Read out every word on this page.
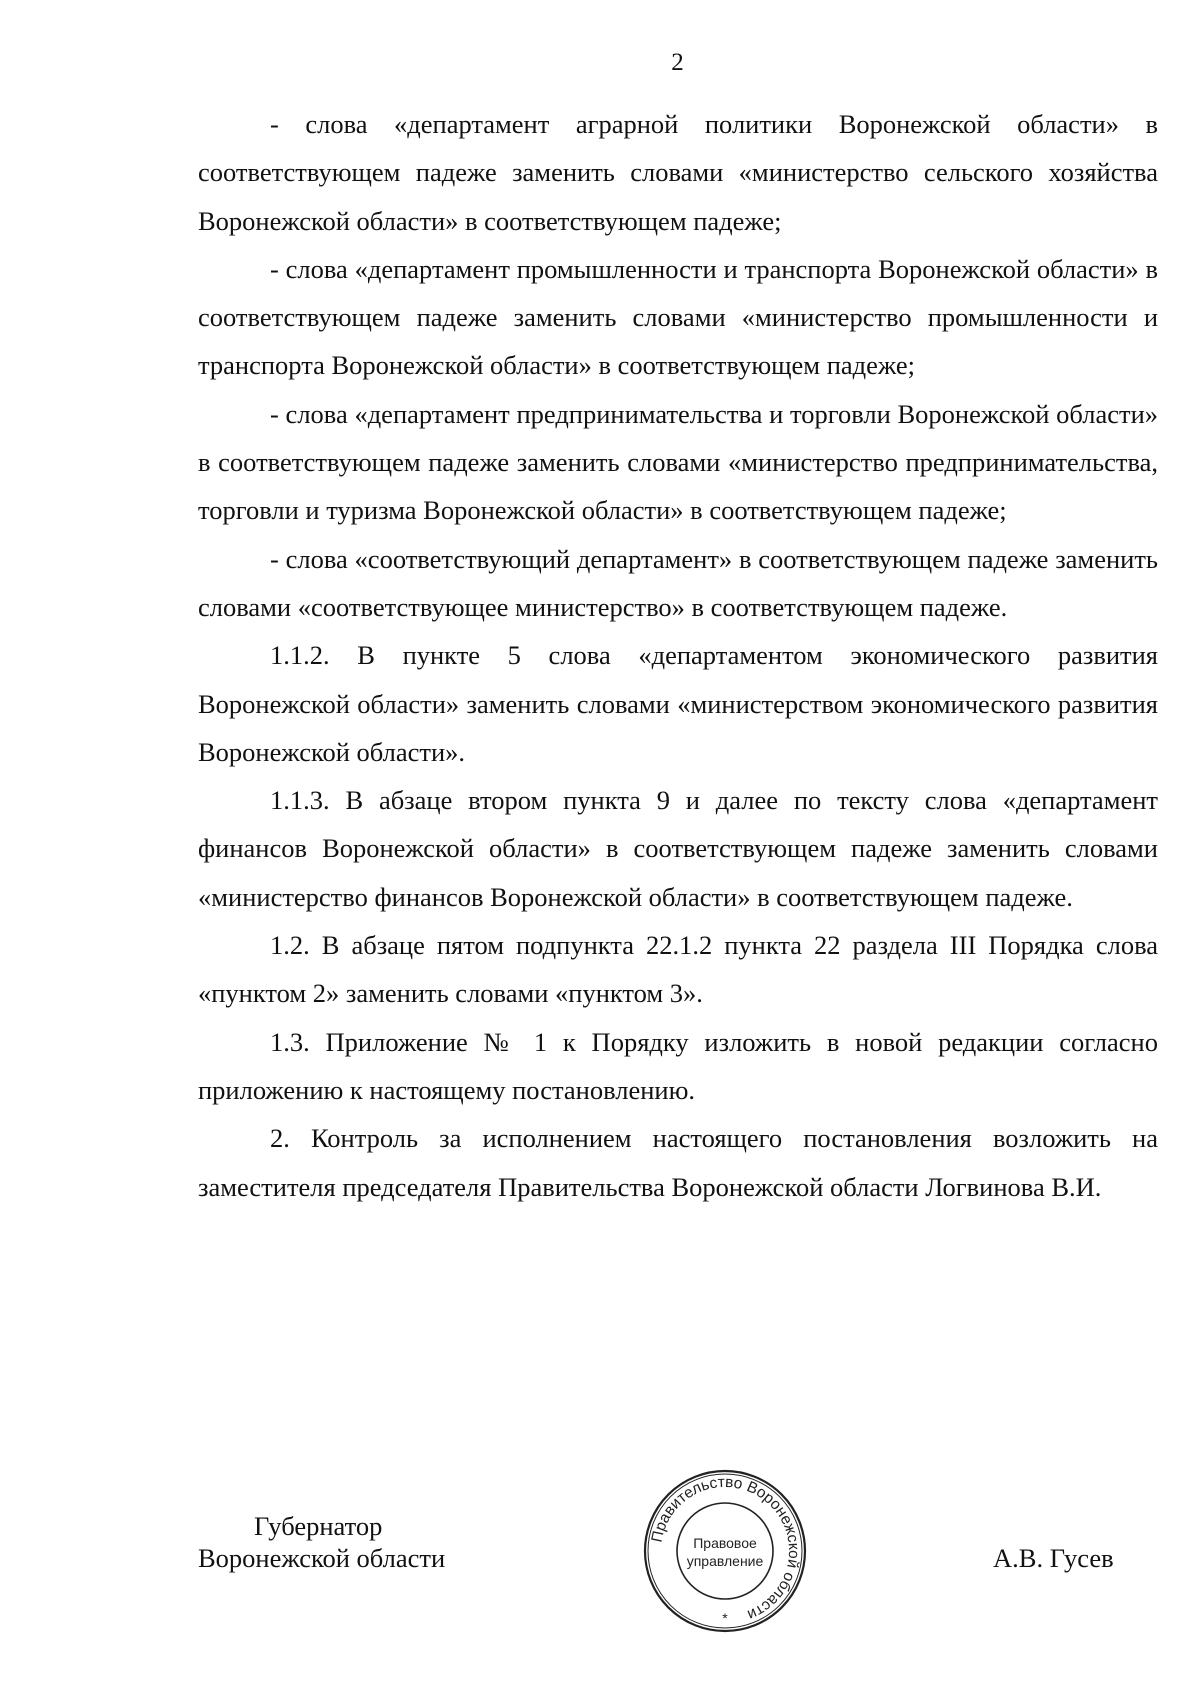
2

- слова «департамент аграрной политики Воронежской области» в соответствующем падеже заменить словами «министерство сельского хозяйства Воронежской области» в соответствующем падеже;

- слова «департамент промышленности и транспорта Воронежской области» в соответствующем падеже заменить словами «министерство промышленности и транспорта Воронежской области» в соответствующем падеже;

- слова «департамент предпринимательства и торговли Воронежской области» в соответствующем падеже заменить словами «министерство предпринимательства, торговли и туризма Воронежской области» в соответствующем падеже;

- слова «соответствующий департамент» в соответствующем падеже заменить словами «соответствующее министерство» в соответствующем падеже.

1.1.2. В пункте 5 слова «департаментом экономического развития Воронежской области» заменить словами «министерством экономического развития Воронежской области».

1.1.3. В абзаце втором пункта 9 и далее по тексту слова «департамент финансов Воронежской области» в соответствующем падеже заменить словами «министерство финансов Воронежской области» в соответствующем падеже.

1.2. В абзаце пятом подпункта 22.1.2 пункта 22 раздела III Порядка слова «пунктом 2» заменить словами «пунктом 3».

1.3. Приложение № 1 к Порядку изложить в новой редакции согласно приложению к настоящему постановлению.

2. Контроль за исполнением настоящего постановления возложить на заместителя председателя Правительства Воронежской области Логвинова В.И.

Губернатор
Воронежской области
Правительство Воронежской области
Правовое
управление
*
А.В. Гусев
